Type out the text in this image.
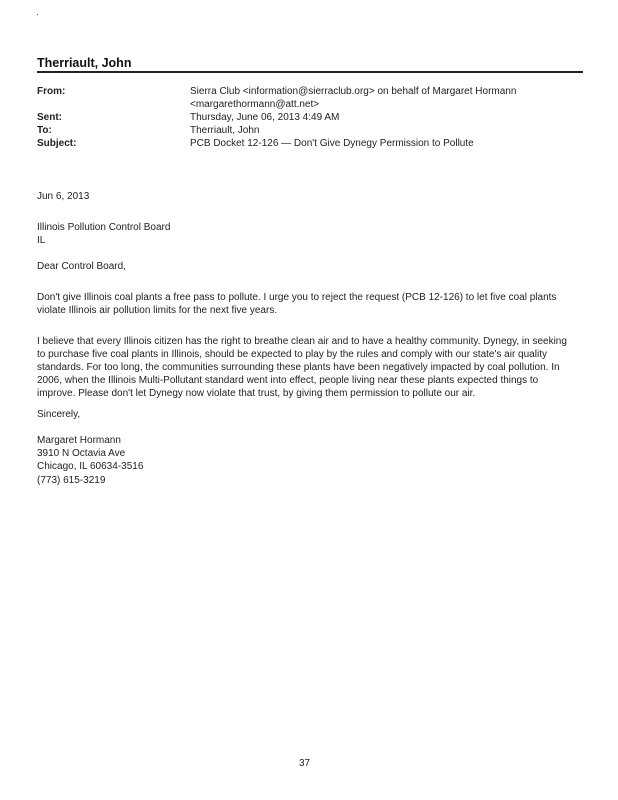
Therriault, John
From:	Sierra Club <information@sierraclub.org> on behalf of Margaret Hormann
<margarethormann@att.net>
Sent:	Thursday, June 06, 2013 4:49 AM
To:	Therriault, John
Subject:	PCB Docket 12-126 — Don't Give Dynegy Permission to Pollute
Jun 6, 2013
Illinois Pollution Control Board
IL
Dear Control Board,
Don't give Illinois coal plants a free pass to pollute. I urge you to reject the request (PCB 12-126) to let five coal plants
violate Illinois air pollution limits for the next five years.
I believe that every Illinois citizen has the right to breathe clean air and to have a healthy community. Dynegy, in seeking
to purchase five coal plants in Illinois, should be expected to play by the rules and comply with our state's air quality
standards. For too long, the communities surrounding these plants have been negatively impacted by coal pollution. In
2006, when the Illinois Multi-Pollutant standard went into effect, people living near these plants expected things to
improve. Please don't let Dynegy now violate that trust, by giving them permission to pollute our air.
Sincerely,
Margaret Hormann
3910 N Octavia Ave
Chicago, IL 60634-3516
(773) 615-3219
37
